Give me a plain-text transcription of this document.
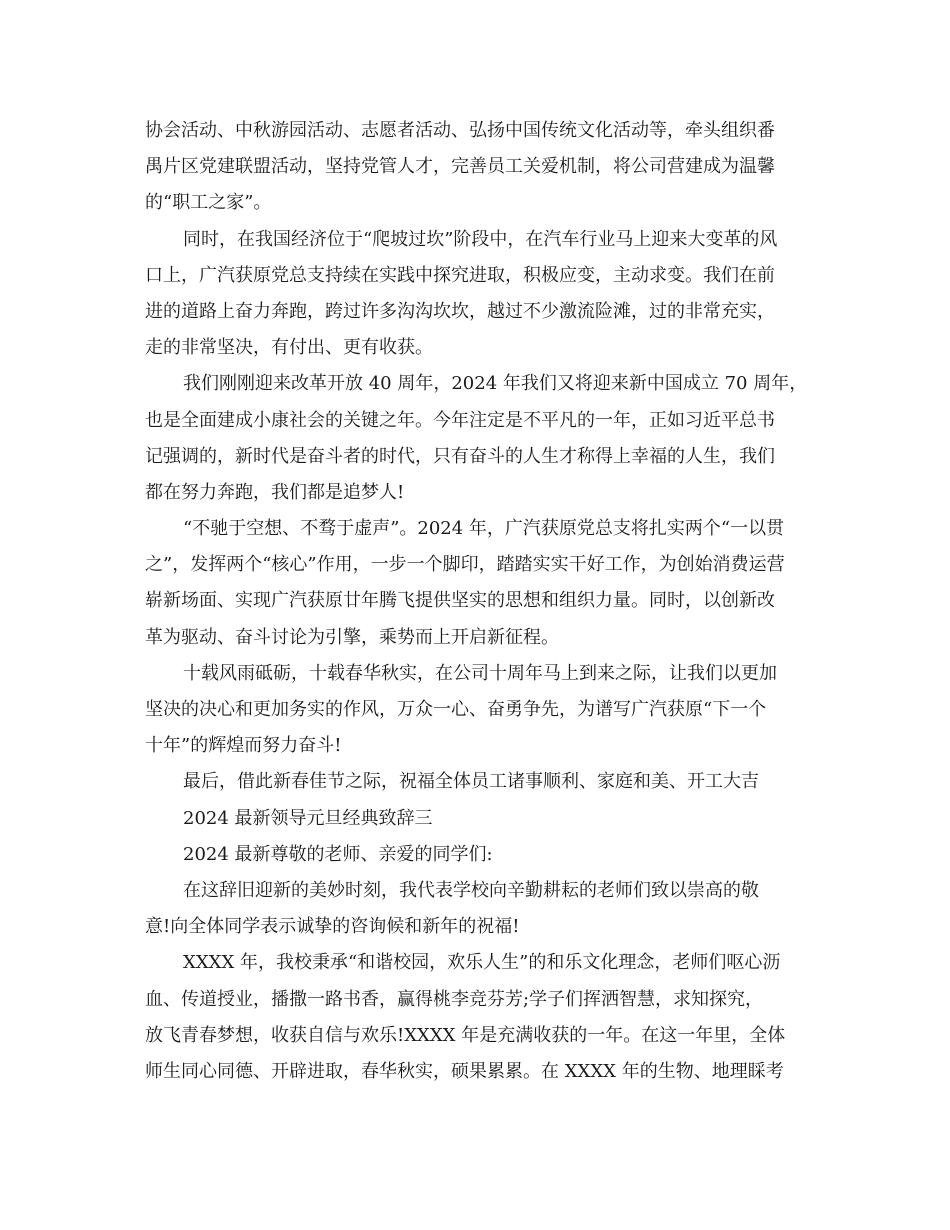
协会活动、中秋游园活动、志愿者活动、弘扬中国传统文化活动等，牵头组织番
禺片区党建联盟活动，坚持党管人才，完善员工关爱机制，将公司营建成为温馨
的“职工之家”。
同时，在我国经济位于“爬坡过坎”阶段中，在汽车行业马上迎来大变革的风
口上，广汽获原党总支持续在实践中探究进取，积极应变，主动求变。我们在前
进的道路上奋力奔跑，跨过许多沟沟坎坎，越过不少激流险滩，过的非常充实，
走的非常坚决，有付出、更有收获。
我们刚刚迎来改革开放 40 周年，2024 年我们又将迎来新中国成立 70 周年，
也是全面建成小康社会的关键之年。今年注定是不平凡的一年，正如习近平总书
记强调的，新时代是奋斗者的时代，只有奋斗的人生才称得上幸福的人生，我们
都在努力奔跑，我们都是追梦人!
“不驰于空想、不骛于虚声”。2024 年，广汽获原党总支将扎实两个“一以贯
之”，发挥两个“核心”作用，一步一个脚印，踏踏实实干好工作，为创始消费运营
崭新场面、实现广汽获原廿年腾飞提供坚实的思想和组织力量。同时，以创新改
革为驱动、奋斗讨论为引擎，乘势而上开启新征程。
十载风雨砥砺，十载春华秋实，在公司十周年马上到来之际，让我们以更加
坚决的决心和更加务实的作风，万众一心、奋勇争先，为谱写广汽获原“下一个
十年”的辉煌而努力奋斗!
最后，借此新春佳节之际，祝福全体员工诸事顺利、家庭和美、开工大吉
2024 最新领导元旦经典致辞三
2024 最新尊敬的老师、亲爱的同学们:
在这辞旧迎新的美妙时刻，我代表学校向辛勤耕耘的老师们致以崇高的敬
意!向全体同学表示诚挚的咨询候和新年的祝福!
XXXX 年，我校秉承“和谐校园，欢乐人生”的和乐文化理念，老师们呕心沥
血、传道授业，播撒一路书香，赢得桃李竞芬芳;学子们挥洒智慧，求知探究，
放飞青春梦想，收获自信与欢乐!XXXX 年是充满收获的一年。在这一年里，全体
师生同心同德、开辟进取，春华秋实，硕果累累。在 XXXX 年的生物、地理睬考
